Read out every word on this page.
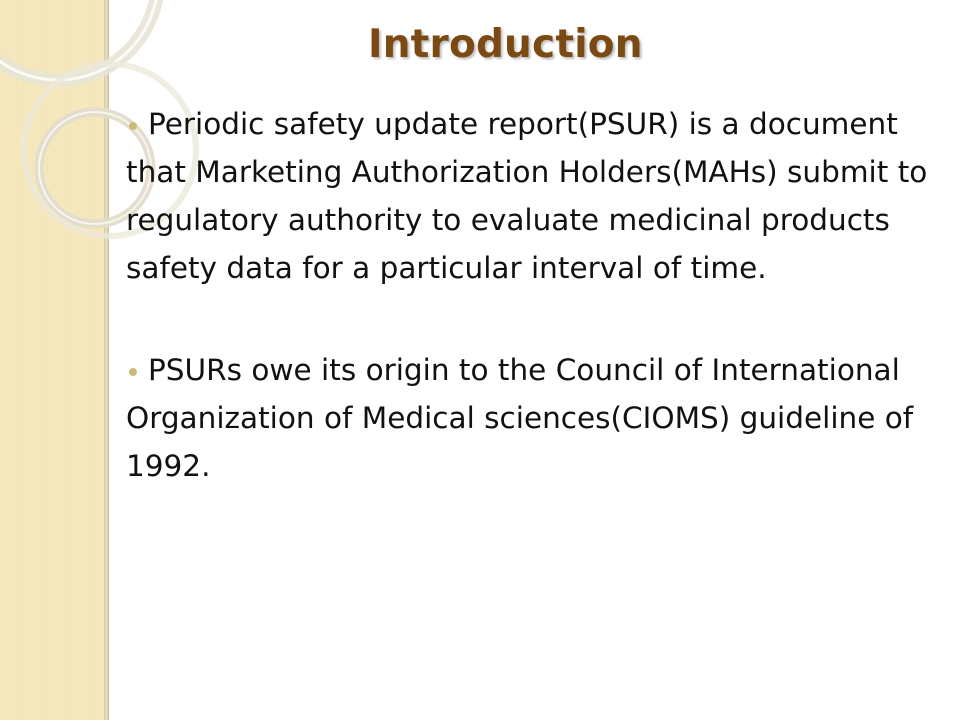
Introduction
Periodic safety update report(PSUR) is a document that Marketing Authorization Holders(MAHs) submit to regulatory authority to evaluate medicinal products safety data for a particular interval of time.
PSURs owe its origin to the Council of International Organization of Medical sciences(CIOMS) guideline of 1992.
